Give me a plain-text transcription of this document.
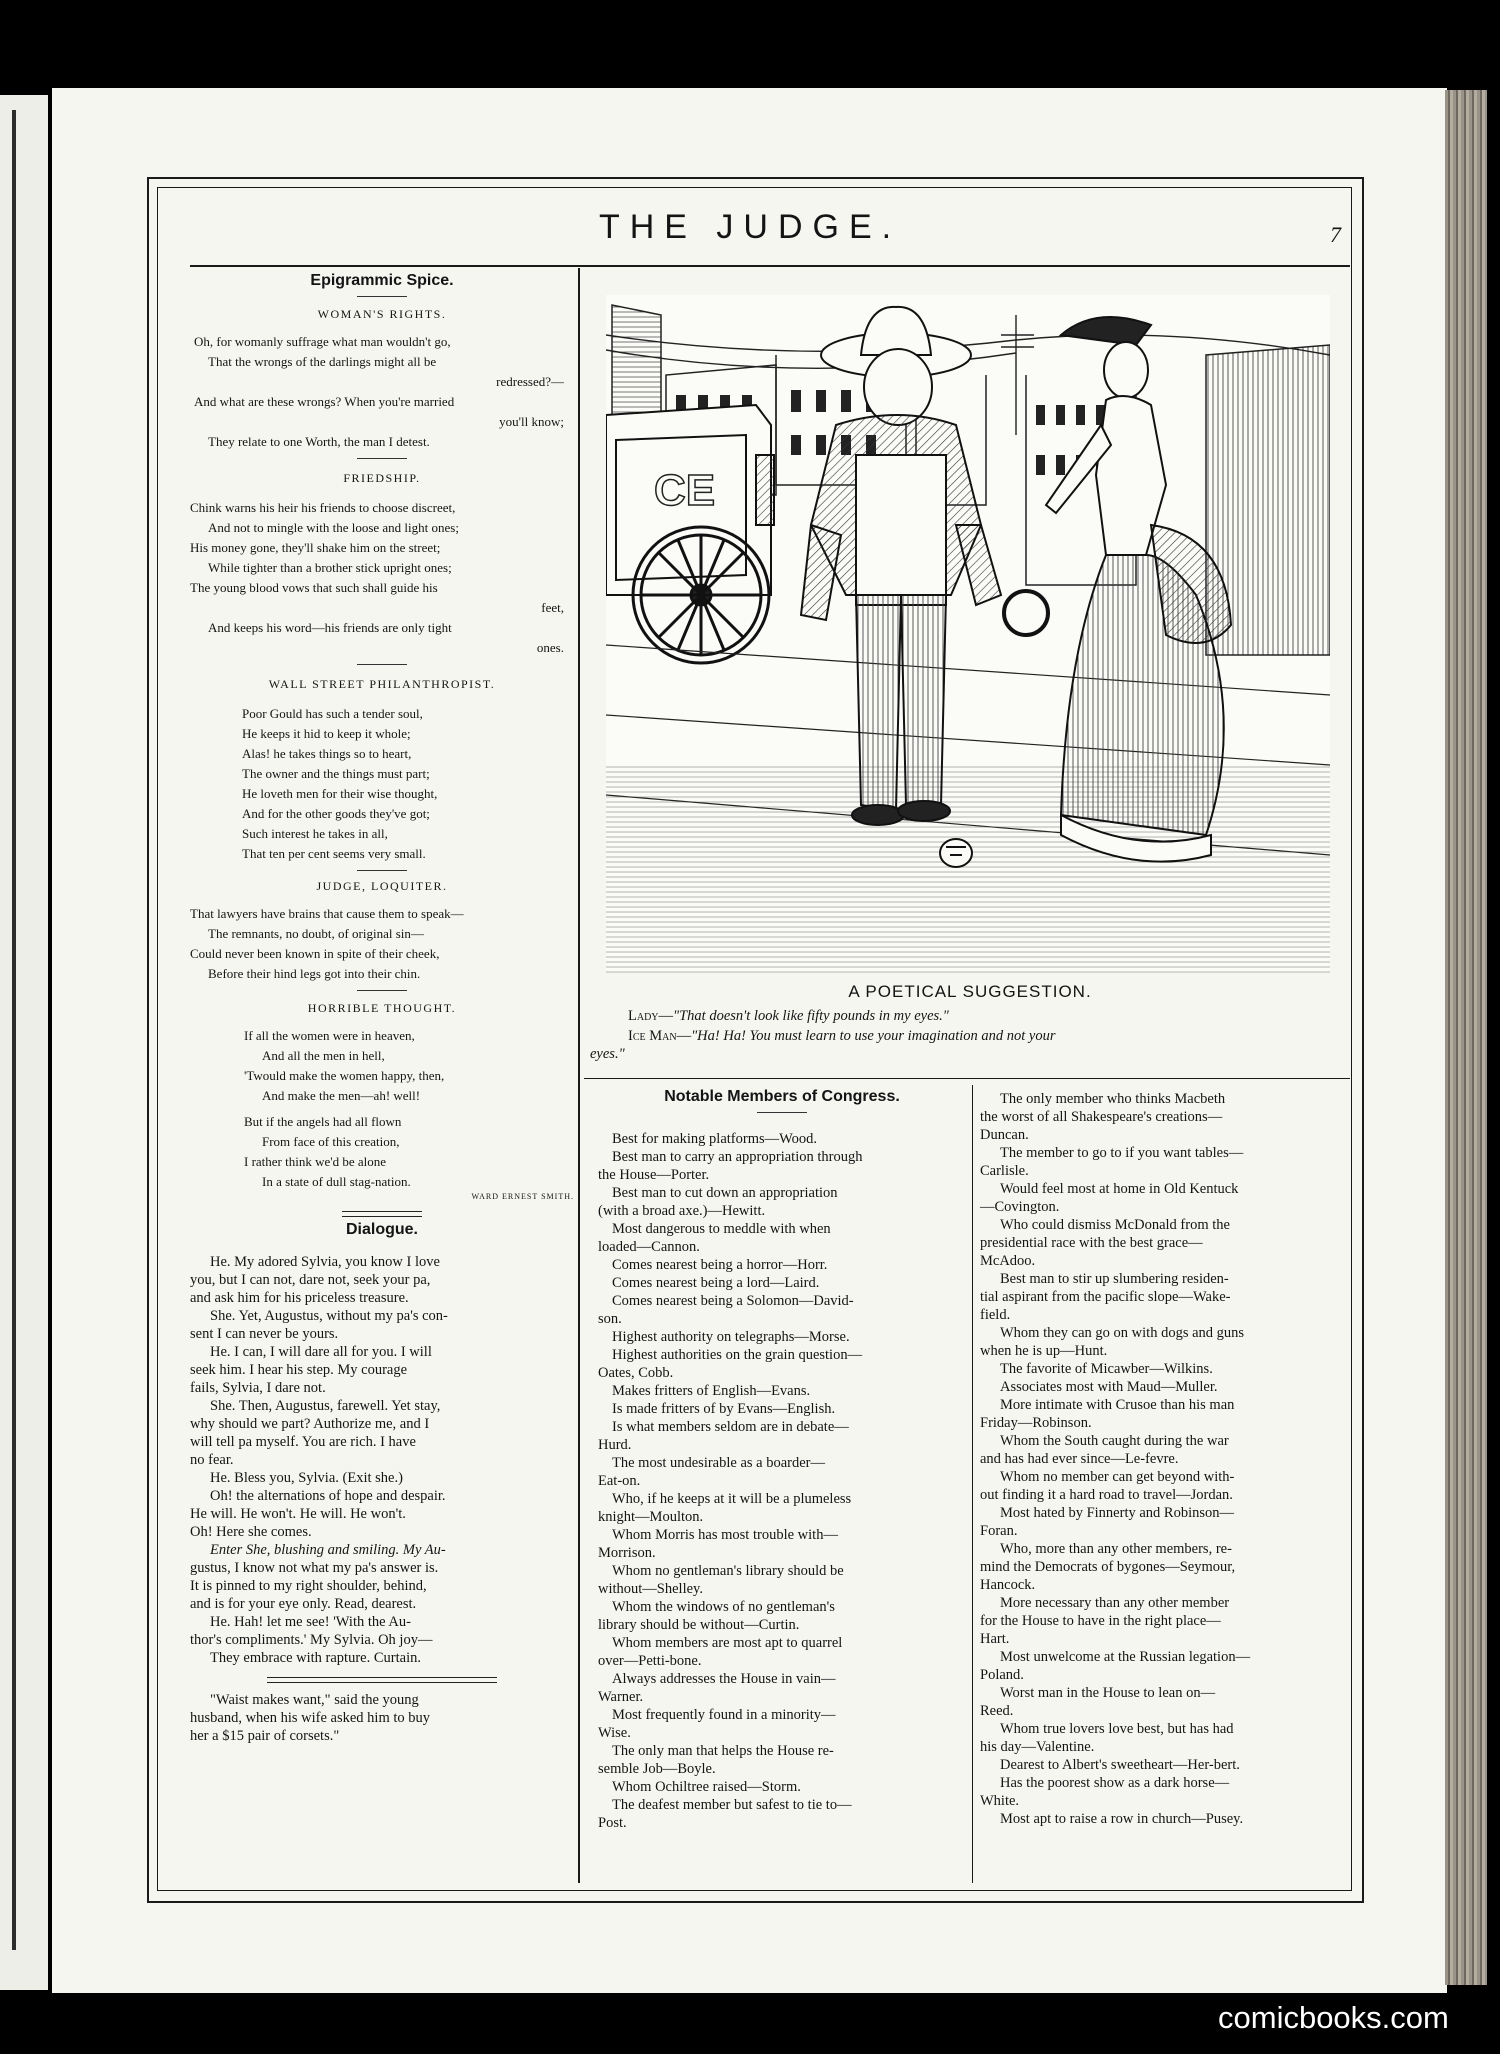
THE JUDGE.	7
Epigrammic Spice.
WOMAN'S RIGHTS.
Oh, for womanly suffrage what man wouldn't go,
That the wrongs of the darlings might all be
redressed?—
And what are these wrongs? When you're married
you'll know;
They relate to one Worth, the man I detest.
FRIEDSHIP.
Chink warns his heir his friends to choose discreet,
And not to mingle with the loose and light ones;
His money gone, they'll shake him on the street;
While tighter than a brother stick upright ones;
The young blood vows that such shall guide his
feet,
And keeps his word—his friends are only tight
ones.
WALL STREET PHILANTHROPIST.
Poor Gould has such a tender soul,
He keeps it hid to keep it whole;
Alas! he takes things so to heart,
The owner and the things must part;
He loveth men for their wise thought,
And for the other goods they've got;
Such interest he takes in all,
That ten per cent seems very small.
JUDGE, LOQUITER.
That lawyers have brains that cause them to speak—
The remnants, no doubt, of original sin—
Could never been known in spite of their cheek,
Before their hind legs got into their chin.
HORRIBLE THOUGHT.
If all the women were in heaven,
And all the men in hell,
'Twould make the women happy, then,
And make the men—ah! well!
But if the angels had all flown
From face of this creation,
I rather think we'd be alone
In a state of dull stag-nation.
WARD ERNEST SMITH.
Dialogue.
He. My adored Sylvia, you know I love
you, but I can not, dare not, seek your pa,
and ask him for his priceless treasure.
She. Yet, Augustus, without my pa's con-
sent I can never be yours.
He. I can, I will dare all for you. I will
seek him. I hear his step. My courage
fails, Sylvia, I dare not.
She. Then, Augustus, farewell. Yet stay,
why should we part? Authorize me, and I
will tell pa myself. You are rich. I have
no fear.
He. Bless you, Sylvia. (Exit she.)
Oh! the alternations of hope and despair.
He will. He won't. He will. He won't.
Oh! Here she comes.
Enter She, blushing and smiling. My Au-
gustus, I know not what my pa's answer is.
It is pinned to my right shoulder, behind,
and is for your eye only. Read, dearest.
He. Hah! let me see! 'With the Au-
thor's compliments.' My Sylvia. Oh joy—
They embrace with rapture. Curtain.
"Waist makes want," said the young
husband, when his wife asked him to buy
her a $15 pair of corsets."
CE
A POETICAL SUGGESTION.
Lady—"That doesn't look like fifty pounds in my eyes."
Ice Man—"Ha! Ha! You must learn to use your imagination and not your
eyes."
Notable Members of Congress.
Best for making platforms—Wood.
Best man to carry an appropriation through
the House—Porter.
Best man to cut down an appropriation
(with a broad axe.)—Hewitt.
Most dangerous to meddle with when
loaded—Cannon.
Comes nearest being a horror—Horr.
Comes nearest being a lord—Laird.
Comes nearest being a Solomon—David-
son.
Highest authority on telegraphs—Morse.
Highest authorities on the grain question—
Oates, Cobb.
Makes fritters of English—Evans.
Is made fritters of by Evans—English.
Is what members seldom are in debate—
Hurd.
The most undesirable as a boarder—
Eat-on.
Who, if he keeps at it will be a plumeless
knight—Moulton.
Whom Morris has most trouble with—
Morrison.
Whom no gentleman's library should be
without—Shelley.
Whom the windows of no gentleman's
library should be without—Curtin.
Whom members are most apt to quarrel
over—Petti-bone.
Always addresses the House in vain—
Warner.
Most frequently found in a minority—
Wise.
The only man that helps the House re-
semble Job—Boyle.
Whom Ochiltree raised—Storm.
The deafest member but safest to tie to—
Post.
The only member who thinks Macbeth
the worst of all Shakespeare's creations—
Duncan.
The member to go to if you want tables—
Carlisle.
Would feel most at home in Old Kentuck
—Covington.
Who could dismiss McDonald from the
presidential race with the best grace—
McAdoo.
Best man to stir up slumbering residen-
tial aspirant from the pacific slope—Wake-
field.
Whom they can go on with dogs and guns
when he is up—Hunt.
The favorite of Micawber—Wilkins.
Associates most with Maud—Muller.
More intimate with Crusoe than his man
Friday—Robinson.
Whom the South caught during the war
and has had ever since—Le-fevre.
Whom no member can get beyond with-
out finding it a hard road to travel—Jordan.
Most hated by Finnerty and Robinson—
Foran.
Who, more than any other members, re-
mind the Democrats of bygones—Seymour,
Hancock.
More necessary than any other member
for the House to have in the right place—
Hart.
Most unwelcome at the Russian legation—
Poland.
Worst man in the House to lean on—
Reed.
Whom true lovers love best, but has had
his day—Valentine.
Dearest to Albert's sweetheart—Her-bert.
Has the poorest show as a dark horse—
White.
Most apt to raise a row in church—Pusey.
comicbooks.com
